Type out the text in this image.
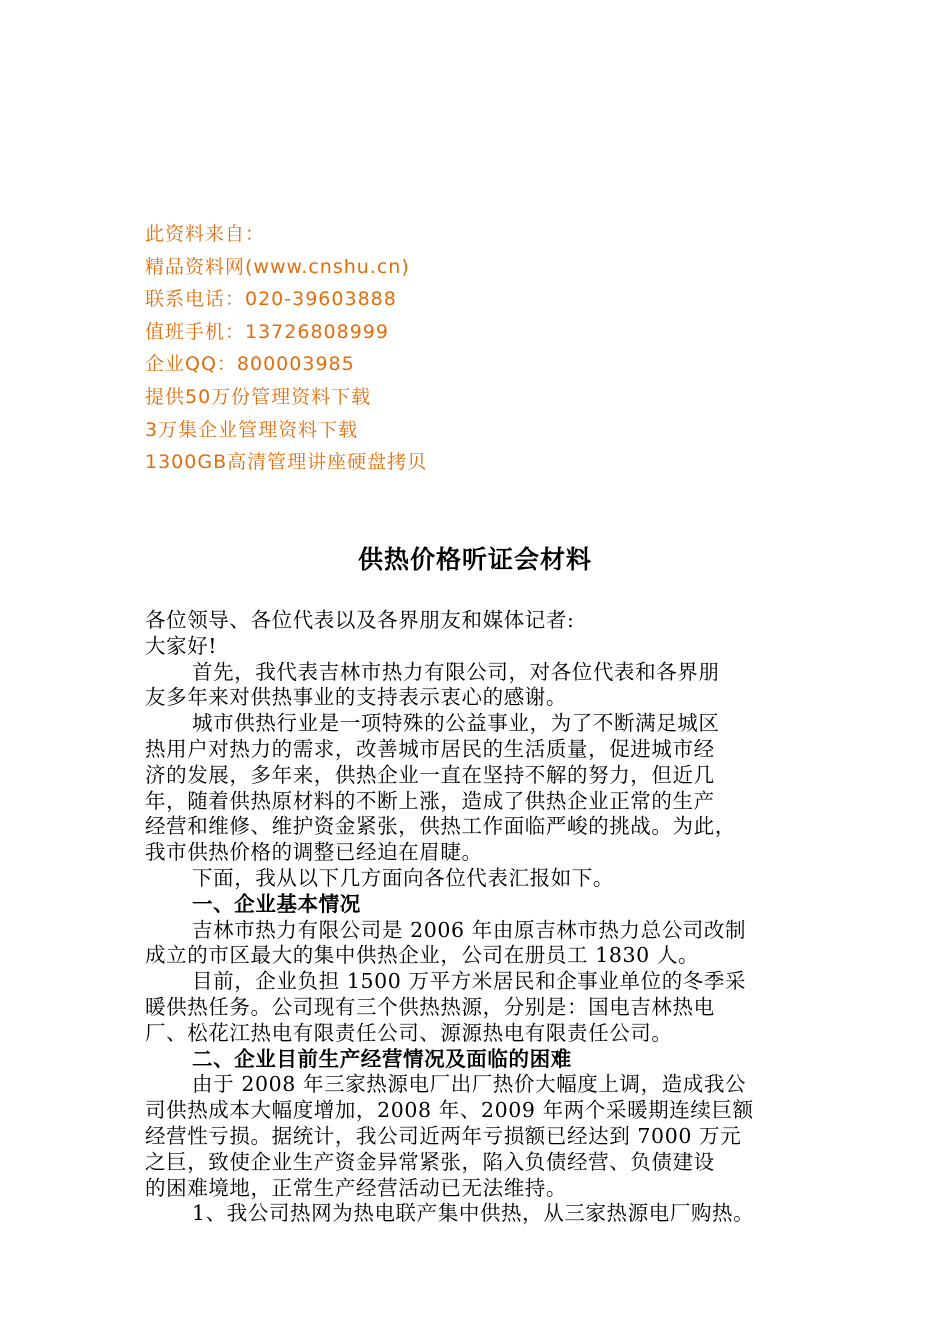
此资料来自：
精品资料网(www.cnshu.cn)
联系电话：020-39603888
值班手机：13726808999
企业QQ：800003985
提供50万份管理资料下载
3万集企业管理资料下载
1300GB高清管理讲座硬盘拷贝
供热价格听证会材料
各位领导、各位代表以及各界朋友和媒体记者:
大家好!
首先，我代表吉林市热力有限公司，对各位代表和各界朋
友多年来对供热事业的支持表示衷心的感谢。
城市供热行业是一项特殊的公益事业，为了不断满足城区
热用户对热力的需求，改善城市居民的生活质量，促进城市经
济的发展，多年来，供热企业一直在坚持不解的努力，但近几
年，随着供热原材料的不断上涨，造成了供热企业正常的生产
经营和维修、维护资金紧张，供热工作面临严峻的挑战。为此，
我市供热价格的调整已经迫在眉睫。
下面，我从以下几方面向各位代表汇报如下。
一、企业基本情况
吉林市热力有限公司是 2006 年由原吉林市热力总公司改制
成立的市区最大的集中供热企业，公司在册员工 1830 人。
目前，企业负担 1500 万平方米居民和企事业单位的冬季采
暖供热任务。公司现有三个供热热源，分别是：国电吉林热电
厂、松花江热电有限责任公司、源源热电有限责任公司。
二、企业目前生产经营情况及面临的困难
由于 2008 年三家热源电厂出厂热价大幅度上调，造成我公
司供热成本大幅度增加，2008 年、2009 年两个采暖期连续巨额
经营性亏损。据统计，我公司近两年亏损额已经达到 7000 万元
之巨，致使企业生产资金异常紧张，陷入负债经营、负债建设
的困难境地，正常生产经营活动已无法维持。
1、我公司热网为热电联产集中供热，从三家热源电厂购热。
